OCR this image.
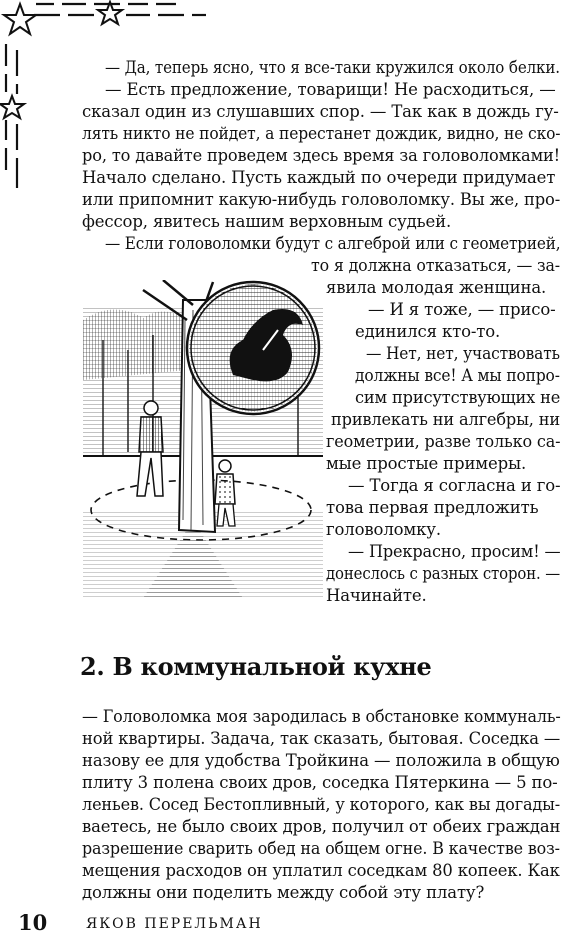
— Да, теперь ясно, что я все-таки кружился около белки.
— Есть предложение, товарищи! Не расходиться, —
сказал один из слушавших спор. — Так как в дождь гу-
лять никто не пойдет, а перестанет дождик, видно, не ско-
ро, то давайте проведем здесь время за головоломками!
Начало сделано. Пусть каждый по очереди придумает
или припомнит какую-нибудь головоломку. Вы же, про-
фессор, явитесь нашим верховным судьей.
— Если головоломки будут с алгеброй или с геометрией,
то я должна отказаться, — за-
явила молодая женщина.
— И я тоже, — присо-
единился кто-то.
— Нет, нет, участвовать
должны все! А мы попро-
сим присутствующих не
привлекать ни алгебры, ни
геометрии, разве только са-
мые простые примеры.
— Тогда я согласна и го-
това первая предложить
головоломку.
— Прекрасно, просим! —
донеслось с разных сторон. —
Начинайте.
2. В коммунальной кухне
— Головоломка моя зародилась в обстановке коммуналь-
ной квартиры. Задача, так сказать, бытовая. Соседка —
назову ее для удобства Тройкина — положила в общую
плиту 3 полена своих дров, соседка Пятеркина — 5 по-
леньев. Сосед Бестопливный, у которого, как вы догады-
ваетесь, не было своих дров, получил от обеих граждан
разрешение сварить обед на общем огне. В качестве воз-
мещения расходов он уплатил соседкам 80 копеек. Как
должны они поделить между собой эту плату?
10	ЯКОВ ПЕРЕЛЬМАН
